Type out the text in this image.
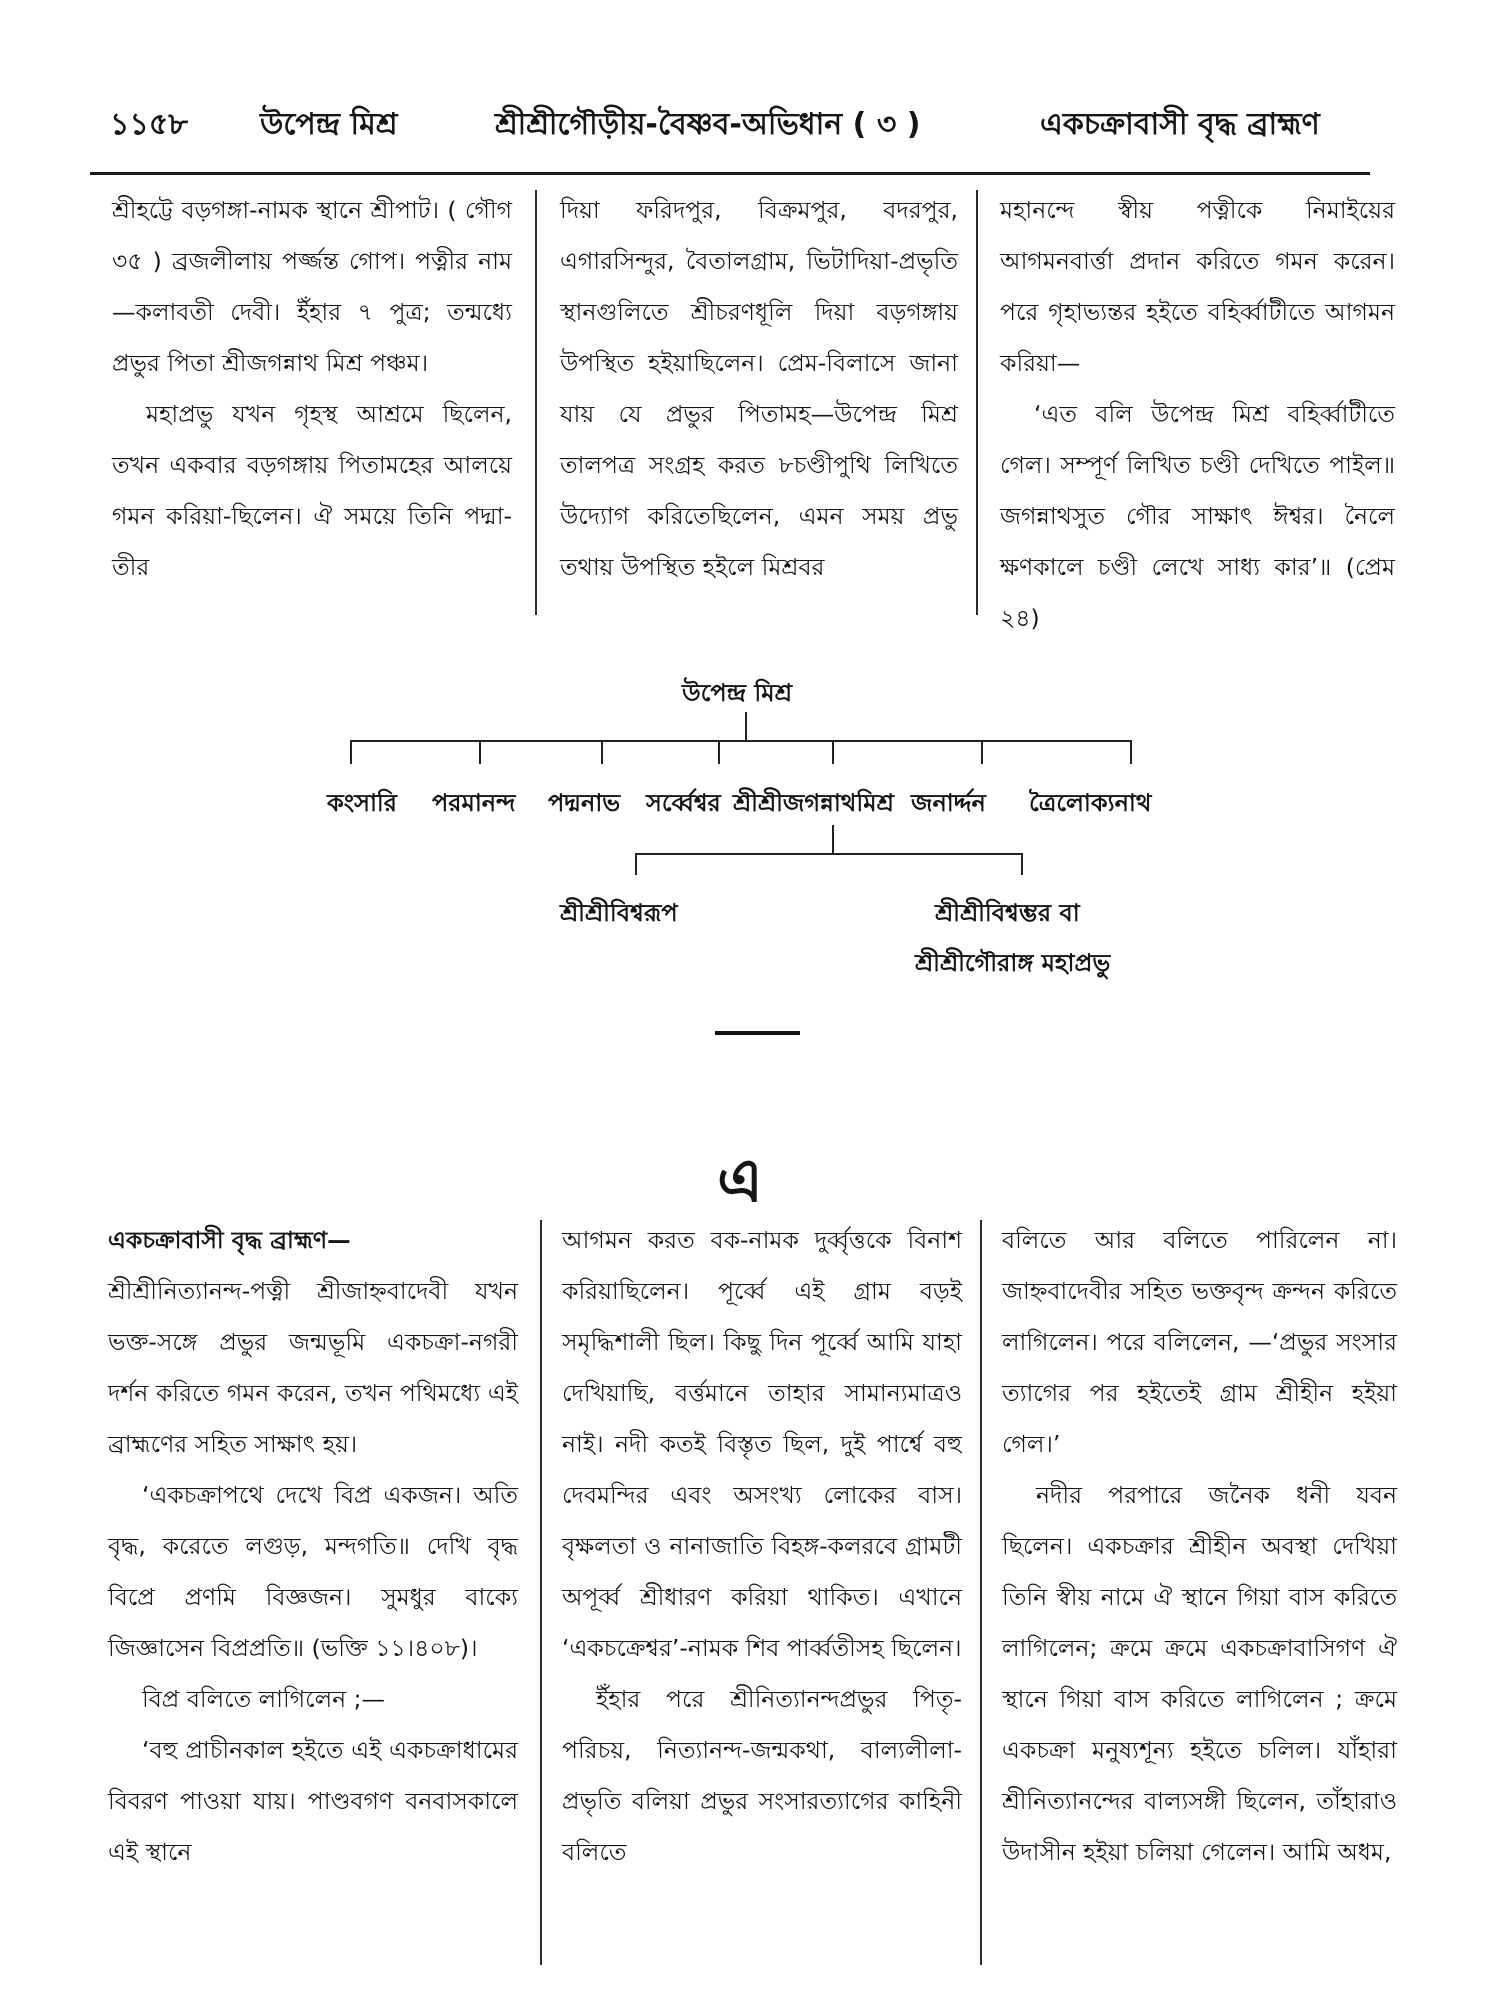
১১৫৮ উপেন্দ্র মিশ্র	শ্রীশ্রীগৌড়ীয়-বৈষ্ণব-অভিধান ( ৩ )	একচক্রাবাসী বৃদ্ধ ব্রাহ্মণ

শ্রীহট্টে বড়গঙ্গা-নামক স্থানে শ্রীপাট। ( গৌগ ৩৫ ) ব্রজলীলায় পর্জ্জন্ত গোপ। পত্নীর নাম—কলাবতী দেবী। ইঁহার ৭ পুত্র; তন্মধ্যে প্রভুর পিতা শ্রীজগন্নাথ মিশ্র পঞ্চম।

মহাপ্রভু যখন গৃহস্থ আশ্রমে ছিলেন, তখন একবার বড়গঙ্গায় পিতামহের আলয়ে গমন করিয়া-ছিলেন। ঐ সময়ে তিনি পদ্মা-তীর

দিয়া ফরিদপুর, বিক্রমপুর, বদরপুর, এগারসিন্দুর, বৈতালগ্রাম, ভিটাদিয়া-প্রভৃতি স্থানগুলিতে শ্রীচরণধূলি দিয়া বড়গঙ্গায় উপস্থিত হইয়াছিলেন। প্রেম-বিলাসে জানা যায় যে প্রভুর পিতামহ—উপেন্দ্র মিশ্র তালপত্র সংগ্রহ করত ৮চণ্ডীপুথি লিখিতে উদ্যোগ করিতেছিলেন, এমন সময় প্রভু তথায় উপস্থিত হইলে মিশ্রবর

মহানন্দে স্বীয় পত্নীকে নিমাইয়ের আগমনবার্ত্তা প্রদান করিতে গমন করেন। পরে গৃহাভ্যন্তর হইতে বহির্ব্বাটীতে আগমন করিয়া—

‘এত বলি উপেন্দ্র মিশ্র বহির্ব্বাটীতে গেল। সম্পূর্ণ লিখিত চণ্ডী দেখিতে পাইল॥ জগন্নাথসুত গৌর সাক্ষাৎ ঈশ্বর। নৈলে ক্ষণকালে চণ্ডী লেখে সাধ্য কার’॥ (প্রেম ২৪)

উপেন্দ্র মিশ্র
কংসারি পরমানন্দ পদ্মনাভ সর্ব্বেশ্বর শ্রীশ্রীজগন্নাথমিশ্র জনার্দ্দন ত্রৈলোক্যনাথ
শ্রীশ্রীবিশ্বরূপ	শ্রীশ্রীবিশ্বম্ভর বা
শ্রীশ্রীগৌরাঙ্গ মহাপ্রভু
এ

একচক্রাবাসী বৃদ্ধ ব্রাহ্মণ—

শ্রীশ্রীনিত্যানন্দ-পত্নী শ্রীজাহ্নবাদেবী যখন ভক্ত-সঙ্গে প্রভুর জন্মভূমি একচক্রা-নগরী দর্শন করিতে গমন করেন, তখন পথিমধ্যে এই ব্রাহ্মণের সহিত সাক্ষাৎ হয়।

‘একচক্রাপথে দেখে বিপ্র একজন। অতি বৃদ্ধ, করেতে লগুড়, মন্দগতি॥ দেখি বৃদ্ধ বিপ্রে প্রণমি বিজ্ঞজন। সুমধুর বাক্যে জিজ্ঞাসেন বিপ্রপ্রতি॥ (ভক্তি ১১।৪০৮)।

বিপ্র বলিতে লাগিলেন ;—

‘বহু প্রাচীনকাল হইতে এই একচক্রাধামের বিবরণ পাওয়া যায়। পাণ্ডবগণ বনবাসকালে এই স্থানে

আগমন করত বক-নামক দুর্ব্বৃত্তকে বিনাশ করিয়াছিলেন। পূর্ব্বে এই গ্রাম বড়ই সমৃদ্ধিশালী ছিল। কিছু দিন পূর্ব্বে আমি যাহা দেখিয়াছি, বর্ত্তমানে তাহার সামান্যমাত্রও নাই। নদী কতই বিস্তৃত ছিল, দুই পার্শ্বে বহু দেবমন্দির এবং অসংখ্য লোকের বাস। বৃক্ষলতা ও নানাজাতি বিহঙ্গ-কলরবে গ্রামটী অপূর্ব্ব শ্রীধারণ করিয়া থাকিত। এখানে ‘একচক্রেশ্বর’-নামক শিব পার্ব্বতীসহ ছিলেন।

ইঁহার পরে শ্রীনিত্যানন্দপ্রভুর পিতৃ-পরিচয়, নিত্যানন্দ-জন্মকথা, বাল্যলীলা-প্রভৃতি বলিয়া প্রভুর সংসারত্যাগের কাহিনী বলিতে

বলিতে আর বলিতে পারিলেন না। জাহ্নবাদেবীর সহিত ভক্তবৃন্দ ক্রন্দন করিতে লাগিলেন। পরে বলিলেন, —‘প্রভুর সংসার ত্যাগের পর হইতেই গ্রাম শ্রীহীন হইয়া গেল।’

নদীর পরপারে জনৈক ধনী যবন ছিলেন। একচক্রার শ্রীহীন অবস্থা দেখিয়া তিনি স্বীয় নামে ঐ স্থানে গিয়া বাস করিতে লাগিলেন; ক্রমে ক্রমে একচক্রাবাসিগণ ঐ স্থানে গিয়া বাস করিতে লাগিলেন ; ক্রমে একচক্রা মনুষ্যশূন্য হইতে চলিল। যাঁহারা শ্রীনিত্যানন্দের বাল্যসঙ্গী ছিলেন, তাঁহারাও উদাসীন হইয়া চলিয়া গেলেন। আমি অধম,
